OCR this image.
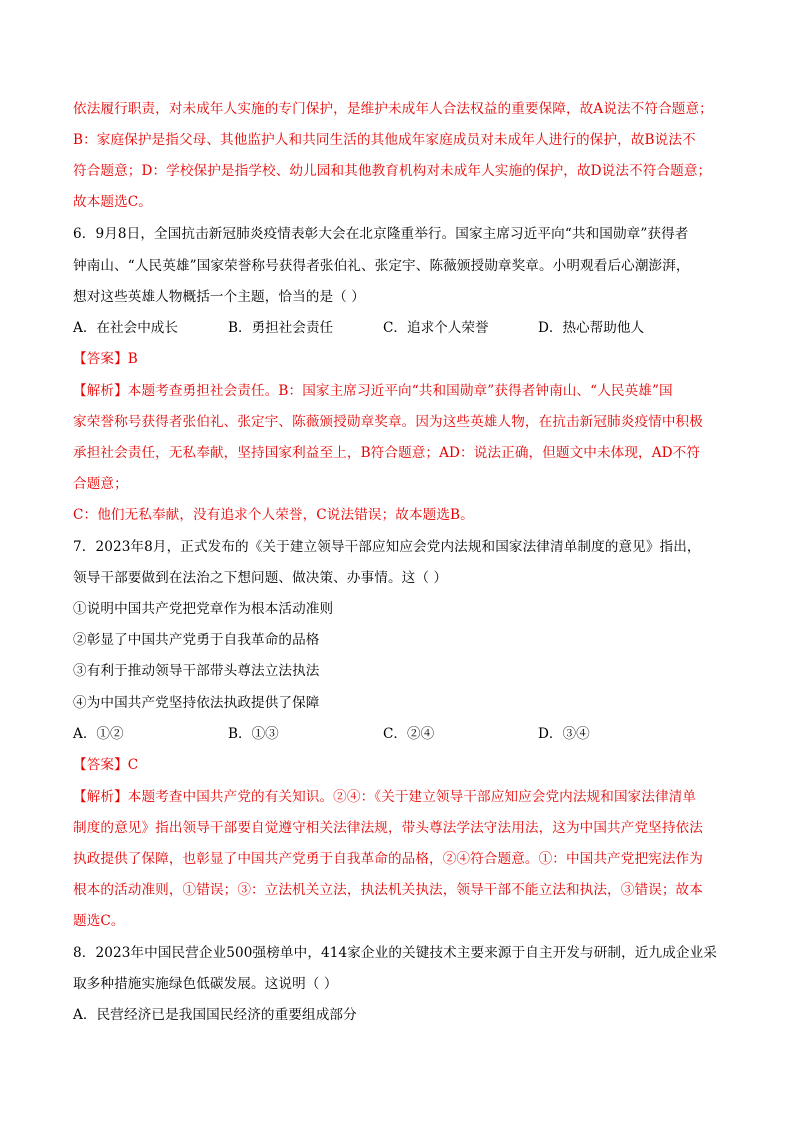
依法履行职责，对未成年人实施的专门保护，是维护未成年人合法权益的重要保障，故A说法不符合题意；
B：家庭保护是指父母、其他监护人和共同生活的其他成年家庭成员对未成年人进行的保护，故B说法不
符合题意；D：学校保护是指学校、幼儿园和其他教育机构对未成年人实施的保护，故D说法不符合题意；
故本题选C。
6．9月8日，全国抗击新冠肺炎疫情表彰大会在北京隆重举行。国家主席习近平向“共和国勋章”获得者
钟南山、“人民英雄”国家荣誉称号获得者张伯礼、张定宇、陈薇颁授勋章奖章。小明观看后心潮澎湃，
想对这些英雄人物概括一个主题，恰当的是（ ）
A．在社会中成长	B．勇担社会责任	C．追求个人荣誉	D．热心帮助他人
【答案】B
【解析】本题考查勇担社会责任。B：国家主席习近平向“共和国勋章”获得者钟南山、“人民英雄”国
家荣誉称号获得者张伯礼、张定宇、陈薇颁授勋章奖章。因为这些英雄人物，在抗击新冠肺炎疫情中积极
承担社会责任，无私奉献，坚持国家利益至上，B符合题意；AD：说法正确，但题文中未体现，AD不符
合题意；
C：他们无私奉献，没有追求个人荣誉，C说法错误；故本题选B。
7．2023年8月，正式发布的《关于建立领导干部应知应会党内法规和国家法律清单制度的意见》指出，
领导干部要做到在法治之下想问题、做决策、办事情。这（ ）
①说明中国共产党把党章作为根本活动准则
②彰显了中国共产党勇于自我革命的品格
③有利于推动领导干部带头尊法立法执法
④为中国共产党坚持依法执政提供了保障
A．①②	B．①③	C．②④	D．③④
【答案】C
【解析】本题考查中国共产党的有关知识。②④：《关于建立领导干部应知应会党内法规和国家法律清单
制度的意见》指出领导干部要自觉遵守相关法律法规，带头尊法学法守法用法，这为中国共产党坚持依法
执政提供了保障，也彰显了中国共产党勇于自我革命的品格，②④符合题意。①：中国共产党把宪法作为
根本的活动准则，①错误；③：立法机关立法，执法机关执法，领导干部不能立法和执法，③错误；故本
题选C。
8．2023年中国民营企业500强榜单中，414家企业的关键技术主要来源于自主开发与研制，近九成企业采
取多种措施实施绿色低碳发展。这说明（ ）
A．民营经济已是我国国民经济的重要组成部分
